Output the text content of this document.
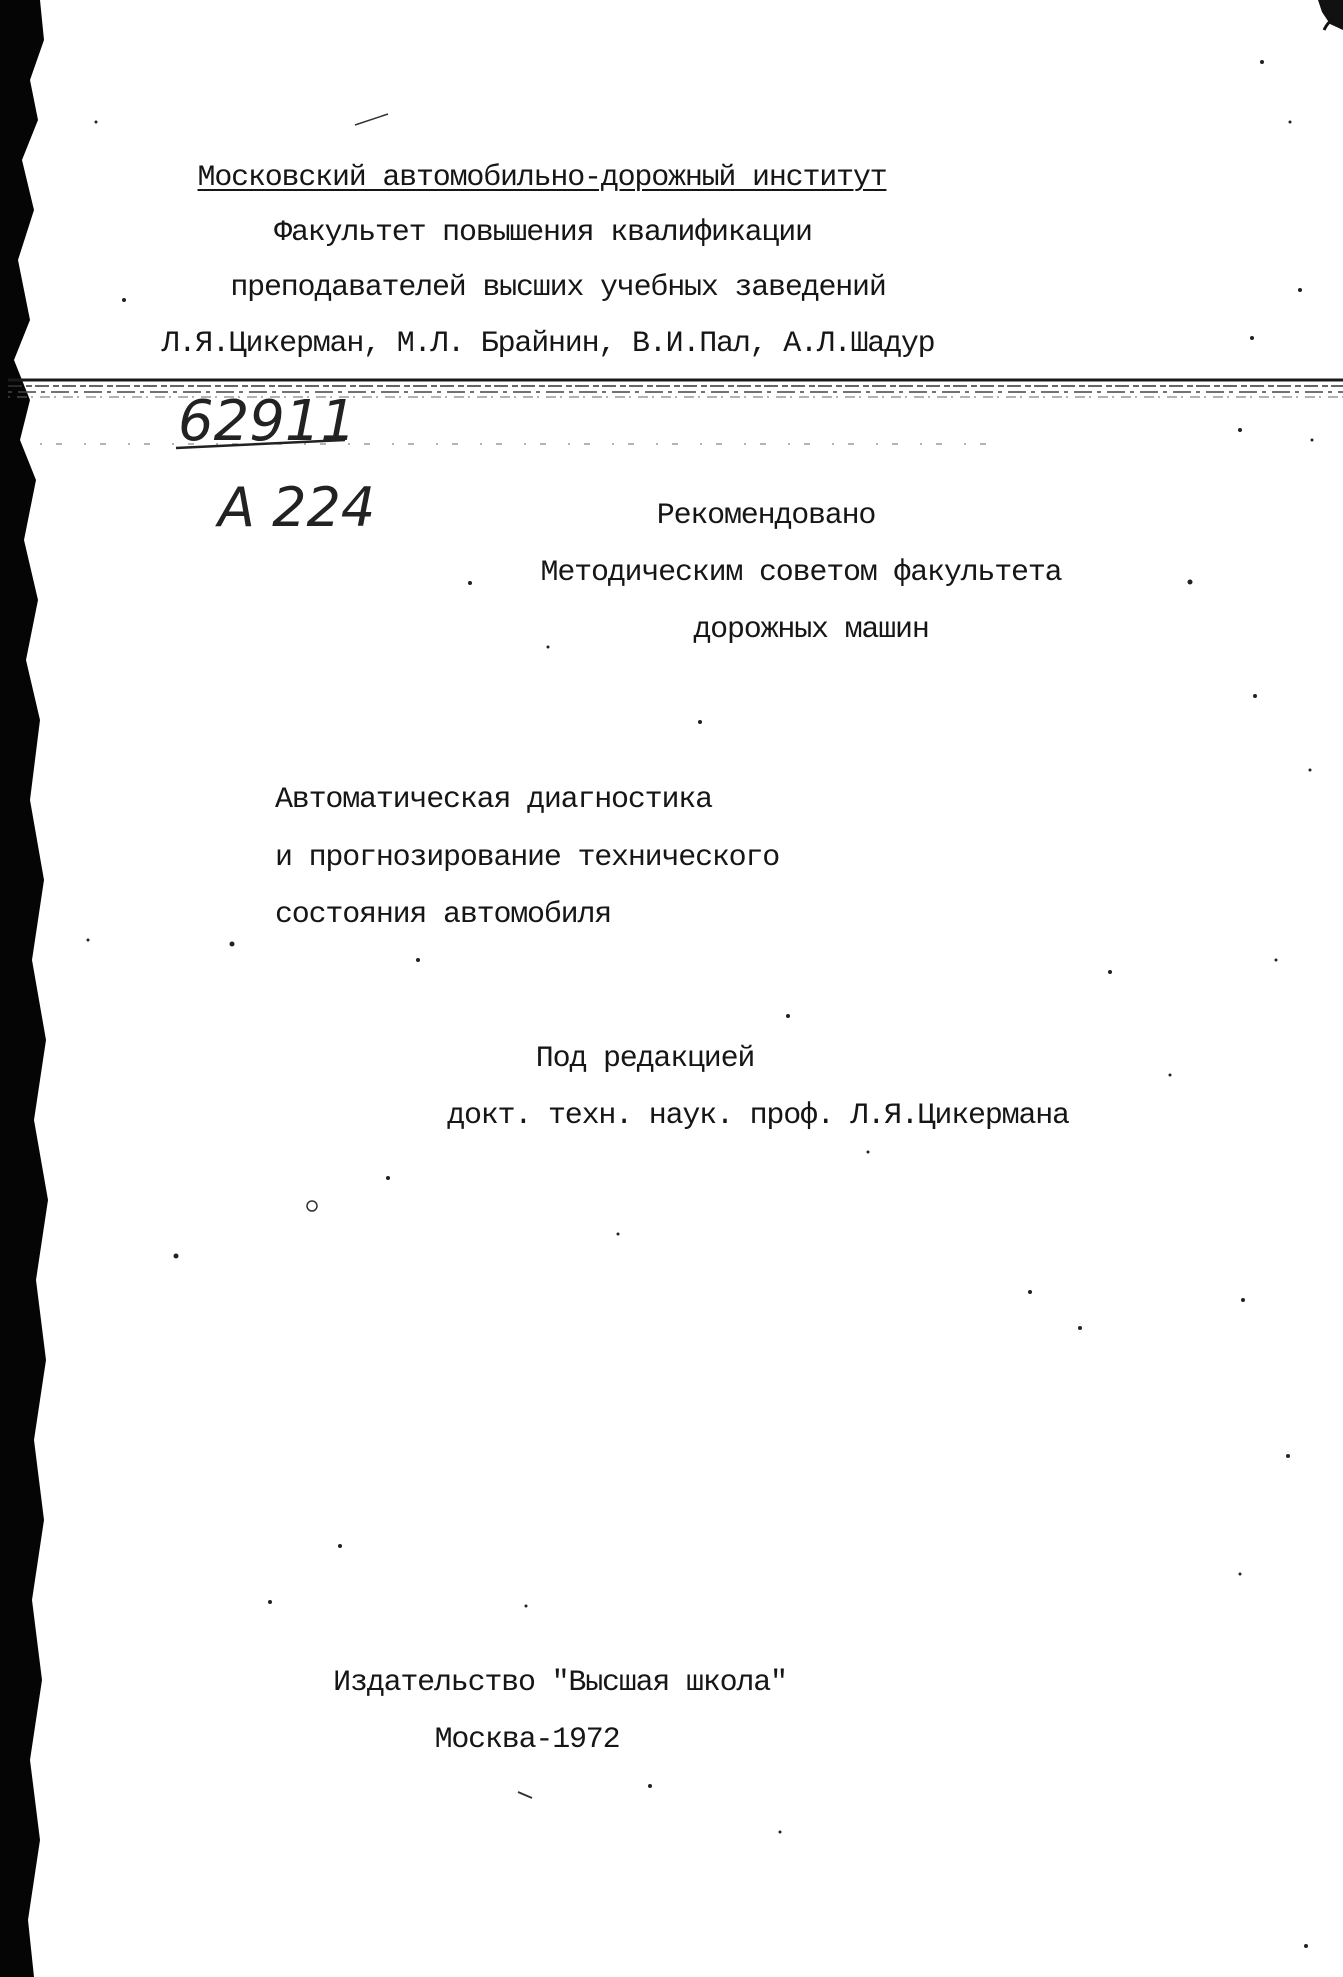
Московский автомобильно-дорожный институт
Факультет повышения квалификации
преподавателей высших учебных заведений
Л.Я.Цикерман, М.Л. Брайнин, В.И.Пал, А.Л.Шадур
62911
А 224	Рекомендовано
Методическим советом факультета
дорожных машин
Автоматическая диагностика
и прогнозирование технического
состояния автомобиля
Под редакцией
докт. техн. наук. проф. Л.Я.Цикермана
Издательство "Высшая школа"
Москва-1972
